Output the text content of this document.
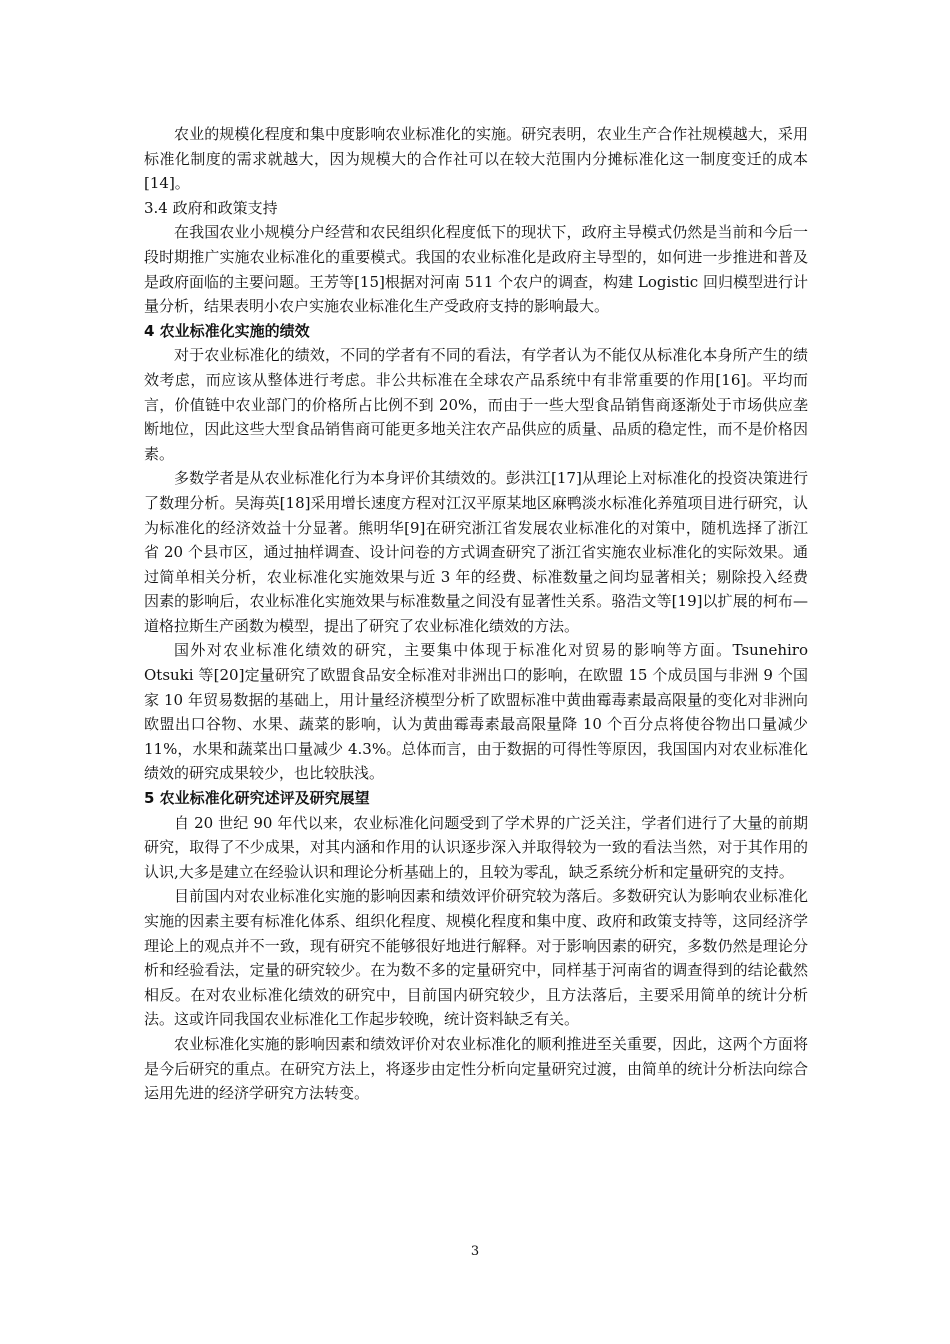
农业的规模化程度和集中度影响农业标准化的实施。研究表明，农业生产合作社规模越大，采用标准化制度的需求就越大，因为规模大的合作社可以在较大范围内分摊标准化这一制度变迁的成本[14]。

3.4 政府和政策支持

在我国农业小规模分户经营和农民组织化程度低下的现状下，政府主导模式仍然是当前和今后一段时期推广实施农业标准化的重要模式。我国的农业标准化是政府主导型的，如何进一步推进和普及是政府面临的主要问题。王芳等[15]根据对河南 511 个农户的调查，构建 Logistic 回归模型进行计量分析，结果表明小农户实施农业标准化生产受政府支持的影响最大。

4 农业标准化实施的绩效

对于农业标准化的绩效，不同的学者有不同的看法，有学者认为不能仅从标准化本身所产生的绩效考虑，而应该从整体进行考虑。非公共标准在全球农产品系统中有非常重要的作用[16]。平均而言，价值链中农业部门的价格所占比例不到 20%，而由于一些大型食品销售商逐渐处于市场供应垄断地位，因此这些大型食品销售商可能更多地关注农产品供应的质量、品质的稳定性，而不是价格因素。

多数学者是从农业标准化行为本身评价其绩效的。彭洪江[17]从理论上对标准化的投资决策进行了数理分析。吴海英[18]采用增长速度方程对江汉平原某地区麻鸭淡水标准化养殖项目进行研究，认为标准化的经济效益十分显著。熊明华[9]在研究浙江省发展农业标准化的对策中，随机选择了浙江省 20 个县市区，通过抽样调查、设计问卷的方式调查研究了浙江省实施农业标准化的实际效果。通过简单相关分析，农业标准化实施效果与近 3 年的经费、标准数量之间均显著相关；剔除投入经费因素的影响后，农业标准化实施效果与标准数量之间没有显著性关系。骆浩文等[19]以扩展的柯布—道格拉斯生产函数为模型，提出了研究了农业标准化绩效的方法。

国外对农业标准化绩效的研究，主要集中体现于标准化对贸易的影响等方面。Tsunehiro Otsuki 等[20]定量研究了欧盟食品安全标准对非洲出口的影响，在欧盟 15 个成员国与非洲 9 个国家 10 年贸易数据的基础上，用计量经济模型分析了欧盟标准中黄曲霉毒素最高限量的变化对非洲向欧盟出口谷物、水果、蔬菜的影响，认为黄曲霉毒素最高限量降 10 个百分点将使谷物出口量减少 11%，水果和蔬菜出口量减少 4.3%。总体而言，由于数据的可得性等原因，我国国内对农业标准化绩效的研究成果较少，也比较肤浅。

5 农业标准化研究述评及研究展望

自 20 世纪 90 年代以来，农业标准化问题受到了学术界的广泛关注，学者们进行了大量的前期研究，取得了不少成果，对其内涵和作用的认识逐步深入并取得较为一致的看法当然，对于其作用的认识,大多是建立在经验认识和理论分析基础上的，且较为零乱，缺乏系统分析和定量研究的支持。

目前国内对农业标准化实施的影响因素和绩效评价研究较为落后。多数研究认为影响农业标准化实施的因素主要有标准化体系、组织化程度、规模化程度和集中度、政府和政策支持等，这同经济学理论上的观点并不一致，现有研究不能够很好地进行解释。对于影响因素的研究，多数仍然是理论分析和经验看法，定量的研究较少。在为数不多的定量研究中，同样基于河南省的调查得到的结论截然相反。在对农业标准化绩效的研究中，目前国内研究较少，且方法落后，主要采用简单的统计分析法。这或许同我国农业标准化工作起步较晚，统计资料缺乏有关。

农业标准化实施的影响因素和绩效评价对农业标准化的顺利推进至关重要，因此，这两个方面将是今后研究的重点。在研究方法上，将逐步由定性分析向定量研究过渡，由简单的统计分析法向综合运用先进的经济学研究方法转变。

3
